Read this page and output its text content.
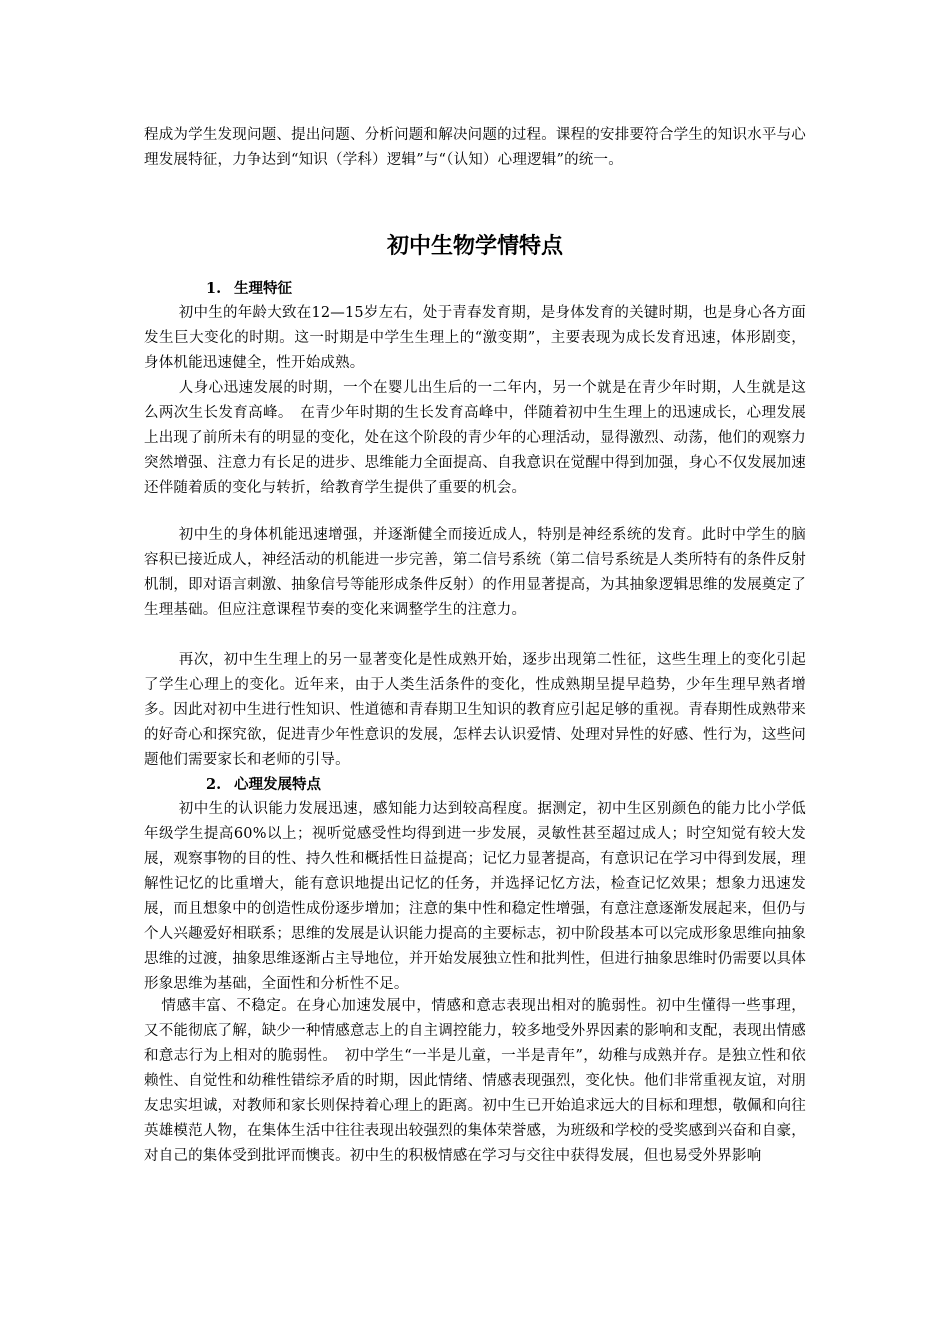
程成为学生发现问题、提出问题、分析问题和解决问题的过程。课程的安排要符合学生的知识水平与心理发展特征，力争达到“知识（学科）逻辑”与“（认知）心理逻辑”的统一。

初中生物学情特点
1. 生理特征

初中生的年龄大致在12—15岁左右，处于青春发育期，是身体发育的关键时期，也是身心各方面发生巨大变化的时期。这一时期是中学生生理上的“激变期”，主要表现为成长发育迅速，体形剧变，身体机能迅速健全，性开始成熟。

人身心迅速发展的时期，一个在婴儿出生后的一二年内，另一个就是在青少年时期，人生就是这么两次生长发育高峰。　在青少年时期的生长发育高峰中，伴随着初中生生理上的迅速成长，心理发展上出现了前所未有的明显的变化，处在这个阶段的青少年的心理活动，显得激烈、动荡，他们的观察力突然增强、注意力有长足的进步、思维能力全面提高、自我意识在觉醒中得到加强，身心不仅发展加速还伴随着质的变化与转折，给教育学生提供了重要的机会。

初中生的身体机能迅速增强，并逐渐健全而接近成人，特别是神经系统的发育。此时中学生的脑容积已接近成人，神经活动的机能进一步完善，第二信号系统（第二信号系统是人类所特有的条件反射机制，即对语言刺激、抽象信号等能形成条件反射）的作用显著提高，为其抽象逻辑思维的发展奠定了生理基础。但应注意课程节奏的变化来调整学生的注意力。

再次，初中生生理上的另一显著变化是性成熟开始，逐步出现第二性征，这些生理上的变化引起了学生心理上的变化。近年来，由于人类生活条件的变化，性成熟期呈提早趋势，少年生理早熟者增多。因此对初中生进行性知识、性道德和青春期卫生知识的教育应引起足够的重视。青春期性成熟带来的好奇心和探究欲，促进青少年性意识的发展，怎样去认识爱情、处理对异性的好感、性行为，这些问题他们需要家长和老师的引导。

2. 心理发展特点

初中生的认识能力发展迅速，感知能力达到较高程度。据测定，初中生区别颜色的能力比小学低年级学生提高60%以上；视听觉感受性均得到进一步发展，灵敏性甚至超过成人；时空知觉有较大发展，观察事物的目的性、持久性和概括性日益提高；记忆力显著提高，有意识记在学习中得到发展，理解性记忆的比重增大，能有意识地提出记忆的任务，并选择记忆方法，检查记忆效果；想象力迅速发展，而且想象中的创造性成份逐步增加；注意的集中性和稳定性增强，有意注意逐渐发展起来，但仍与个人兴趣爱好相联系；思维的发展是认识能力提高的主要标志，初中阶段基本可以完成形象思维向抽象思维的过渡，抽象思维逐渐占主导地位，并开始发展独立性和批判性，但进行抽象思维时仍需要以具体形象思维为基础，全面性和分析性不足。

情感丰富、不稳定。在身心加速发展中，情感和意志表现出相对的脆弱性。初中生懂得一些事理，又不能彻底了解，缺少一种情感意志上的自主调控能力，较多地受外界因素的影响和支配，表现出情感和意志行为上相对的脆弱性。　初中学生“一半是儿童，一半是青年”，幼稚与成熟并存。是独立性和依赖性、自觉性和幼稚性错综矛盾的时期，因此情绪、情感表现强烈，变化快。他们非常重视友谊，对朋友忠实坦诚，对教师和家长则保持着心理上的距离。初中生已开始追求远大的目标和理想，敬佩和向往英雄模范人物，在集体生活中往往表现出较强烈的集体荣誉感，为班级和学校的受奖感到兴奋和自豪，对自己的集体受到批评而懊丧。初中生的积极情感在学习与交往中获得发展，但也易受外界影响
